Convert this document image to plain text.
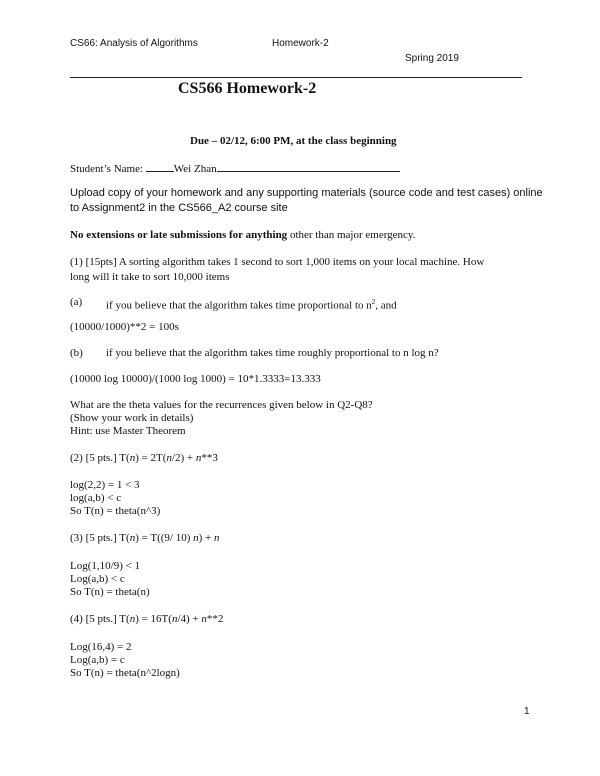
CS66: Analysis of Algorithms	Homework-2
Spring 2019
CS566 Homework-2
Due – 02/12, 6:00 PM, at the class beginning
Student’s Name:	Wei Zhan
Upload copy of your homework and any supporting materials (source code and test cases) online
to Assignment2 in the CS566_A2 course site
No extensions or late submissions for anything other than major emergency.
(1) [15pts] A sorting algorithm takes 1 second to sort 1,000 items on your local machine. How
long will it take to sort 10,000 items
(a) if you believe that the algorithm takes time proportional to $n^2$, and
(10000/1000)**2 = 100s
(b) if you believe that the algorithm takes time roughly proportional to n log n?
(10000 log 10000)/(1000 log 1000) = 10*1.3333=13.333
What are the theta values for the recurrences given below in Q2-Q8?
(Show your work in details)
Hint: use Master Theorem
(2) [5 pts.] T(n) = 2T(n/2) + n**3
log(2,2) = 1 < 3
log(a,b) < c
So T(n) = theta(n^3)
(3) [5 pts.] T(n) = T((9/ 10) n) + n
Log(1,10/9) < 1
Log(a,b) < c
So T(n) = theta(n)
(4) [5 pts.] T(n) = 16T(n/4) + n**2
Log(16,4) = 2
Log(a,b) = c
So T(n) = theta(n^2logn)
1
